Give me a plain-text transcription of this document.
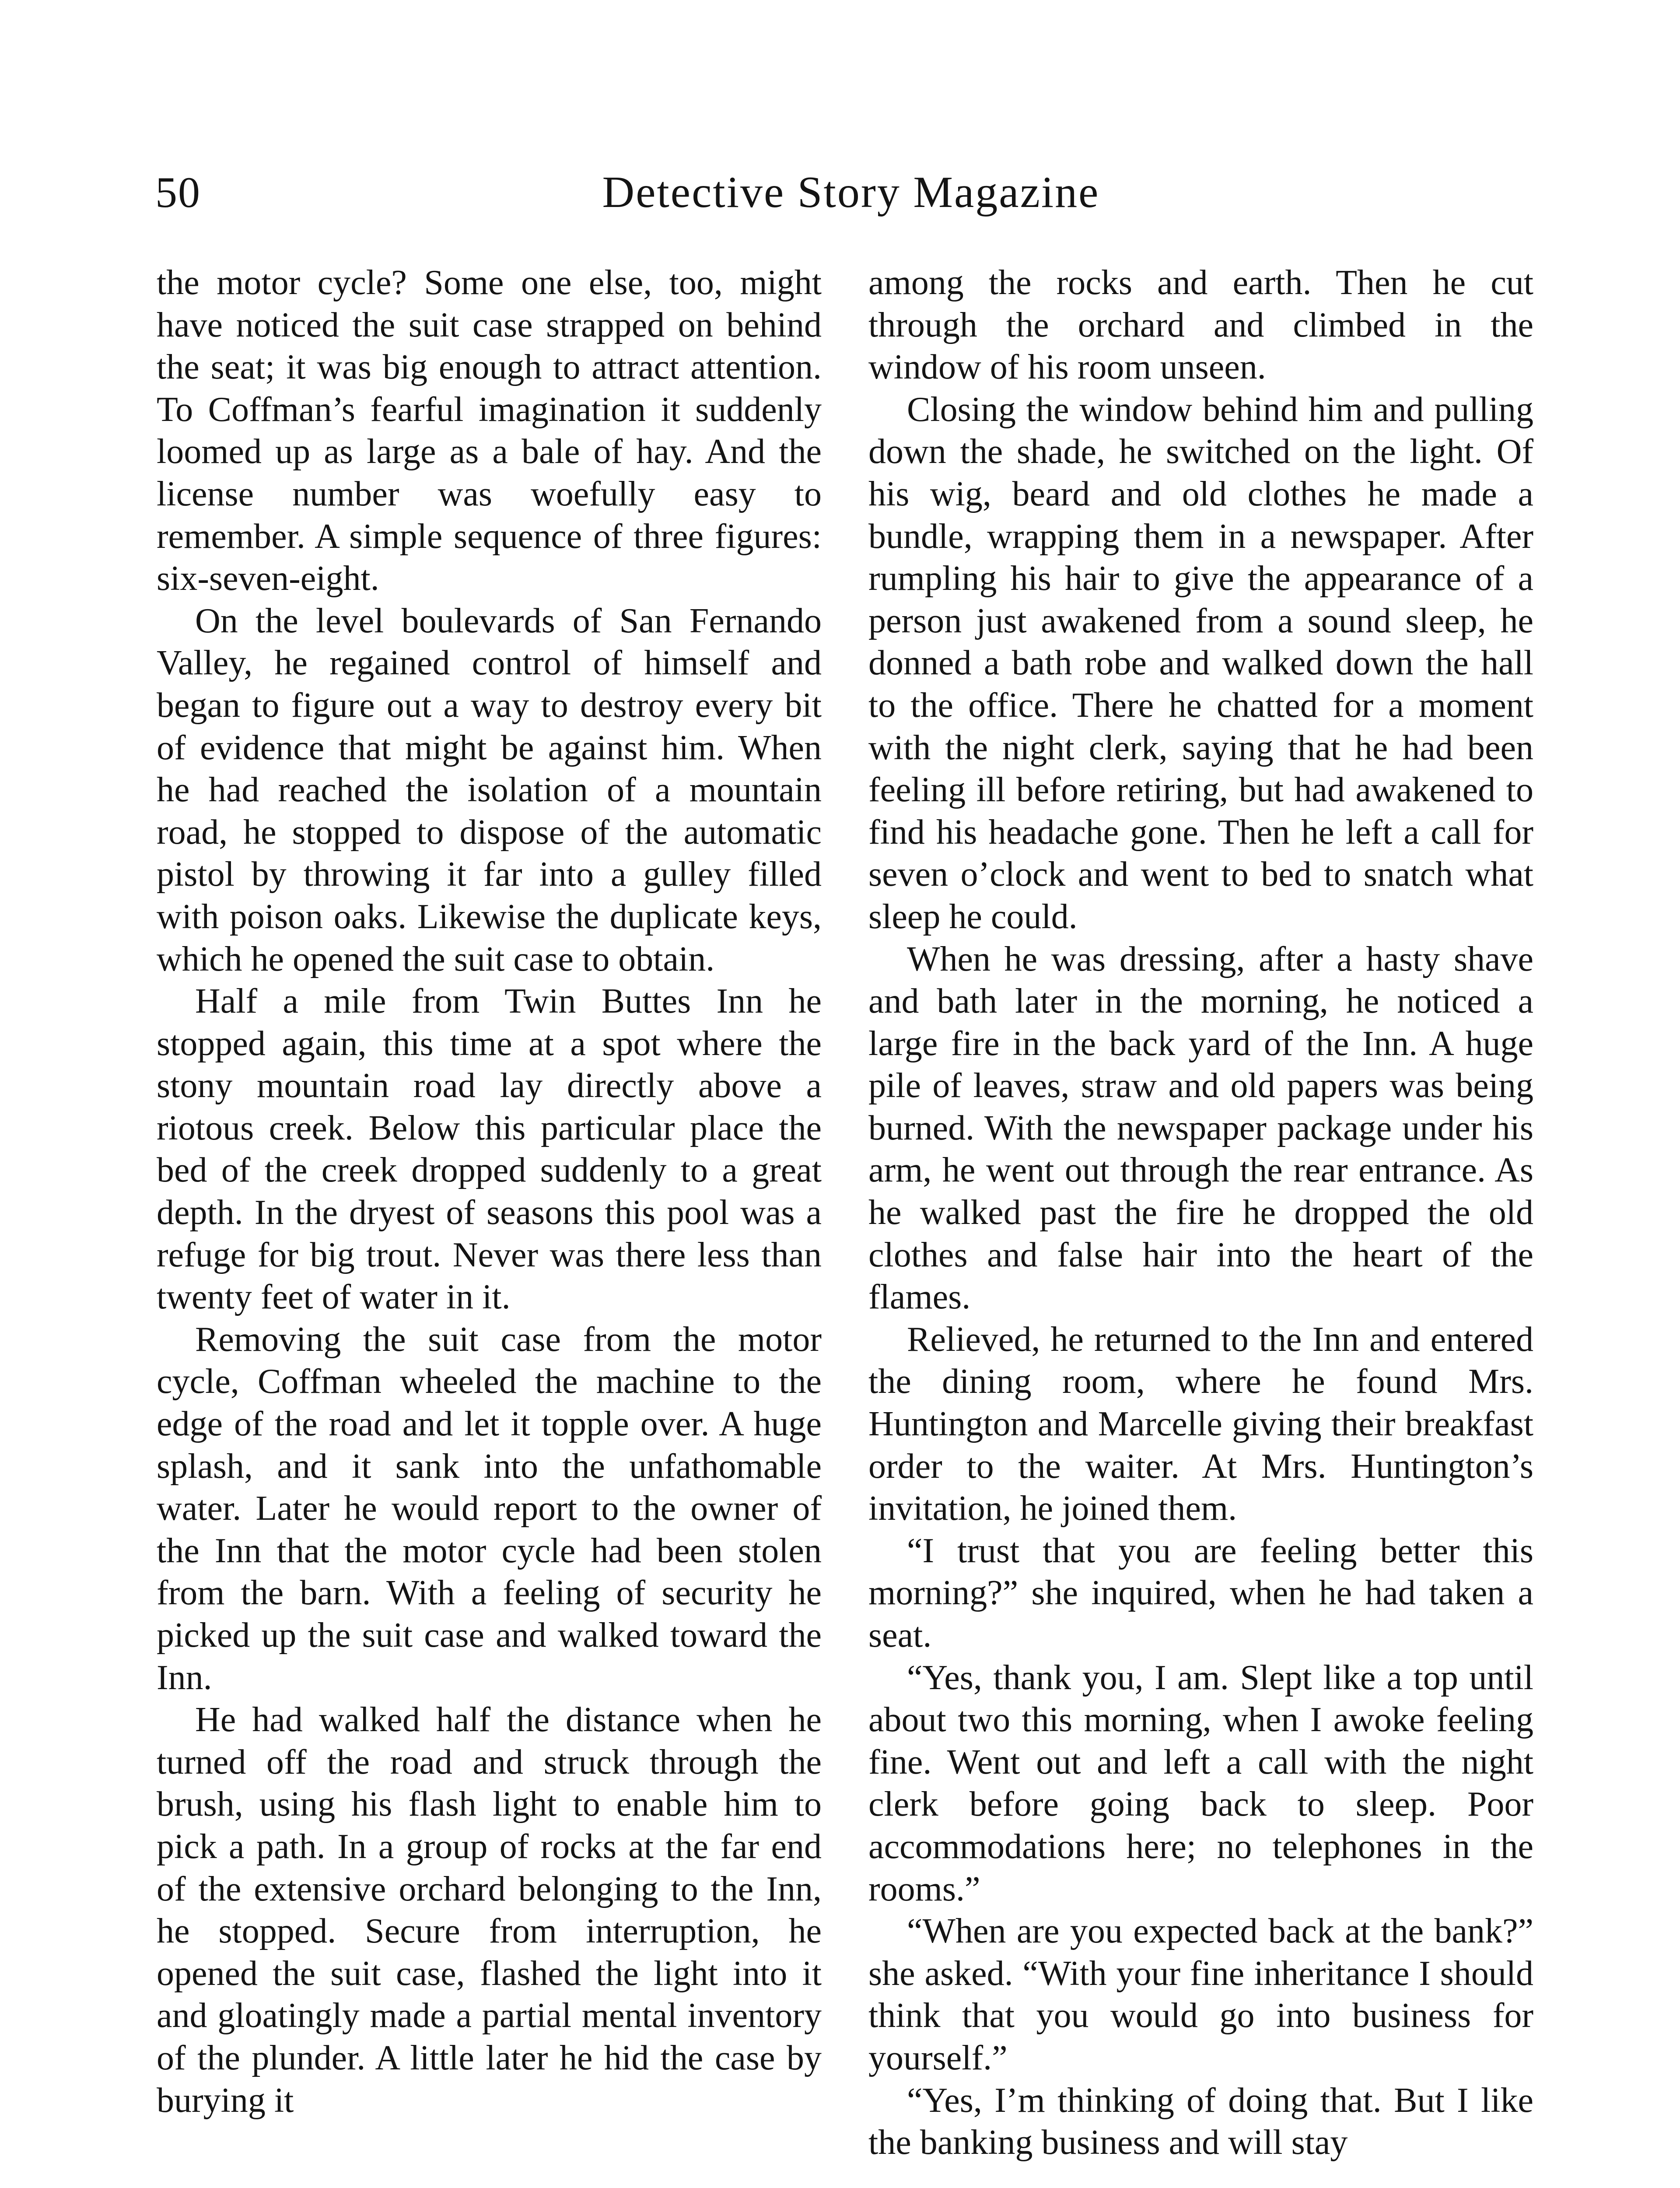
50	Detective Story Magazine

the motor cycle? Some one else, too, might have noticed the suit case strapped on behind the seat; it was big enough to attract attention. To Coffman’s fearful imagination it suddenly loomed up as large as a bale of hay. And the license number was woefully easy to remember. A simple sequence of three figures: six-seven-eight.

On the level boulevards of San Fernando Valley, he regained control of himself and began to figure out a way to destroy every bit of evidence that might be against him. When he had reached the isolation of a mountain road, he stopped to dispose of the automatic pistol by throwing it far into a gulley filled with poison oaks. Likewise the duplicate keys, which he opened the suit case to obtain.

Half a mile from Twin Buttes Inn he stopped again, this time at a spot where the stony mountain road lay directly above a riotous creek. Below this particular place the bed of the creek dropped suddenly to a great depth. In the dryest of seasons this pool was a refuge for big trout. Never was there less than twenty feet of water in it.

Removing the suit case from the motor cycle, Coffman wheeled the machine to the edge of the road and let it topple over. A huge splash, and it sank into the unfathomable water. Later he would report to the owner of the Inn that the motor cycle had been stolen from the barn. With a feeling of security he picked up the suit case and walked toward the Inn.

He had walked half the distance when he turned off the road and struck through the brush, using his flash light to enable him to pick a path. In a group of rocks at the far end of the extensive orchard belonging to the Inn, he stopped. Secure from interruption, he opened the suit case, flashed the light into it and gloatingly made a partial mental inventory of the plunder. A little later he hid the case by burying it

among the rocks and earth. Then he cut through the orchard and climbed in the window of his room unseen.

Closing the window behind him and pulling down the shade, he switched on the light. Of his wig, beard and old clothes he made a bundle, wrapping them in a newspaper. After rumpling his hair to give the appearance of a person just awakened from a sound sleep, he donned a bath robe and walked down the hall to the office. There he chatted for a moment with the night clerk, saying that he had been feeling ill before retiring, but had awakened to find his headache gone. Then he left a call for seven o’clock and went to bed to snatch what sleep he could.

When he was dressing, after a hasty shave and bath later in the morning, he noticed a large fire in the back yard of the Inn. A huge pile of leaves, straw and old papers was being burned. With the newspaper package under his arm, he went out through the rear entrance. As he walked past the fire he dropped the old clothes and false hair into the heart of the flames.

Relieved, he returned to the Inn and entered the dining room, where he found Mrs. Huntington and Marcelle giving their breakfast order to the waiter. At Mrs. Huntington’s invitation, he joined them.

“I trust that you are feeling better this morning?” she inquired, when he had taken a seat.

“Yes, thank you, I am. Slept like a top until about two this morning, when I awoke feeling fine. Went out and left a call with the night clerk before going back to sleep. Poor accommodations here; no telephones in the rooms.”

“When are you expected back at the bank?” she asked. “With your fine inheritance I should think that you would go into business for yourself.”

“Yes, I’m thinking of doing that. But I like the banking business and will stay
